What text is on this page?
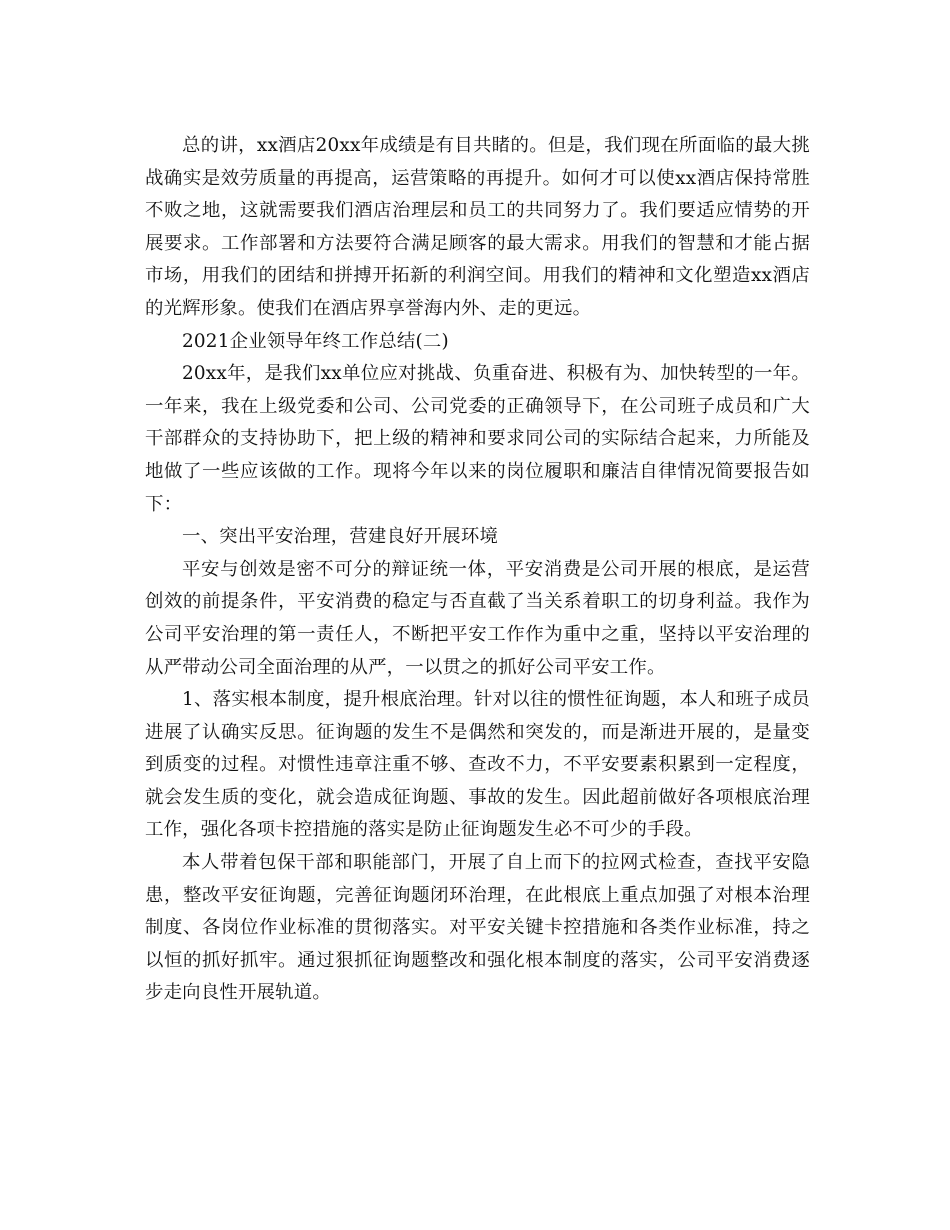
总的讲，xx酒店20xx年成绩是有目共睹的。但是，我们现在所面临的最大挑战确实是效劳质量的再提高，运营策略的再提升。如何才可以使xx酒店保持常胜不败之地，这就需要我们酒店治理层和员工的共同努力了。我们要适应情势的开展要求。工作部署和方法要符合满足顾客的最大需求。用我们的智慧和才能占据市场，用我们的团结和拼搏开拓新的利润空间。用我们的精神和文化塑造xx酒店的光辉形象。使我们在酒店界享誉海内外、走的更远。

2021企业领导年终工作总结(二)

20xx年，是我们xx单位应对挑战、负重奋进、积极有为、加快转型的一年。一年来，我在上级党委和公司、公司党委的正确领导下，在公司班子成员和广大干部群众的支持协助下，把上级的精神和要求同公司的实际结合起来，力所能及地做了一些应该做的工作。现将今年以来的岗位履职和廉洁自律情况简要报告如下：

一、突出平安治理，营建良好开展环境

平安与创效是密不可分的辩证统一体，平安消费是公司开展的根底，是运营创效的前提条件，平安消费的稳定与否直截了当关系着职工的切身利益。我作为公司平安治理的第一责任人，不断把平安工作作为重中之重，坚持以平安治理的从严带动公司全面治理的从严，一以贯之的抓好公司平安工作。

1、落实根本制度，提升根底治理。针对以往的惯性征询题，本人和班子成员进展了认确实反思。征询题的发生不是偶然和突发的，而是渐进开展的，是量变到质变的过程。对惯性违章注重不够、查改不力，不平安要素积累到一定程度，就会发生质的变化，就会造成征询题、事故的发生。因此超前做好各项根底治理工作，强化各项卡控措施的落实是防止征询题发生必不可少的手段。

本人带着包保干部和职能部门，开展了自上而下的拉网式检查，查找平安隐患，整改平安征询题，完善征询题闭环治理，在此根底上重点加强了对根本治理制度、各岗位作业标准的贯彻落实。对平安关键卡控措施和各类作业标准，持之以恒的抓好抓牢。通过狠抓征询题整改和强化根本制度的落实，公司平安消费逐步走向良性开展轨道。
